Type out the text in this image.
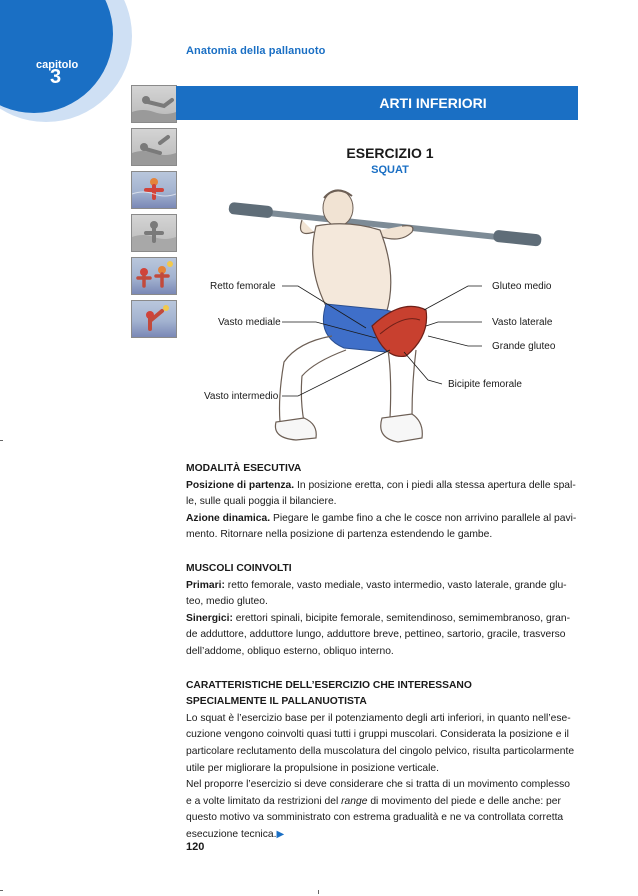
capitolo
3
Anatomia della pallanuoto
ARTI INFERIORI
ESERCIZIO 1
SQUAT
Retto femorale
Vasto mediale
Vasto intermedio
Gluteo medio
Vasto laterale
Grande gluteo
Bicipite femorale

MODALITÀ ESECUTIVA

Posizione di partenza. In posizione eretta, con i piedi alla stessa apertura delle spal-

le, sulle quali poggia il bilanciere.

Azione dinamica. Piegare le gambe fino a che le cosce non arrivino parallele al pavi-

mento. Ritornare nella posizione di partenza estendendo le gambe.

MUSCOLI COINVOLTI

Primari: retto femorale, vasto mediale, vasto intermedio, vasto laterale, grande glu-

teo, medio gluteo.

Sinergici: erettori spinali, bicipite femorale, semitendinoso, semimembranoso, gran-

de adduttore, adduttore lungo, adduttore breve, pettineo, sartorio, gracile, trasverso

dell’addome, obliquo esterno, obliquo interno.

CARATTERISTICHE DELL’ESERCIZIO CHE INTERESSANO

SPECIALMENTE IL PALLANUOTISTA

Lo squat è l’esercizio base per il potenziamento degli arti inferiori, in quanto nell’ese-

cuzione vengono coinvolti quasi tutti i gruppi muscolari. Considerata la posizione e il

particolare reclutamento della muscolatura del cingolo pelvico, risulta particolarmente

utile per migliorare la propulsione in posizione verticale.

Nel proporre l’esercizio si deve considerare che si tratta di un movimento complesso

e a volte limitato da restrizioni del range di movimento del piede e delle anche: per

questo motivo va somministrato con estrema gradualità e ne va controllata corretta

esecuzione tecnica.▶

120
